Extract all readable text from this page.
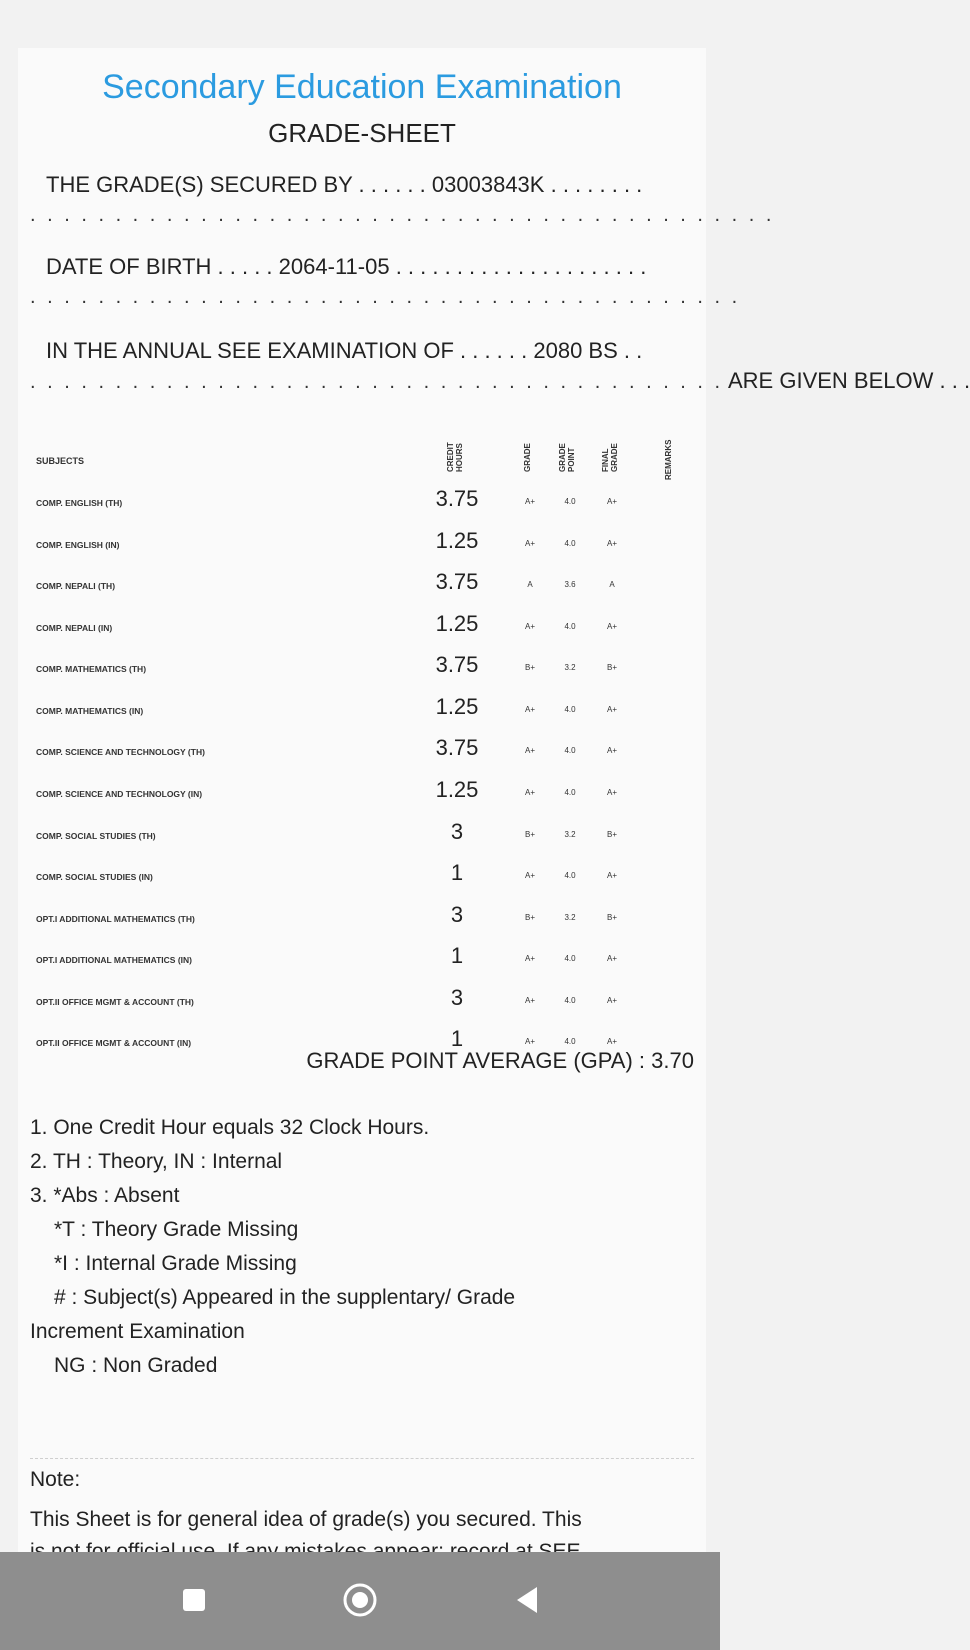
Secondary Education Examination
GRADE-SHEET
THE GRADE(S) SECURED BY . . . . . . 03003843K . . . . . . . .
. . . . . . . . . . . . . . . . . . . . . . . . . . . . . . . . . . . . . . . . . . . .
DATE OF BIRTH . . . . . 2064-11-05 . . . . . . . . . . . . . . . . . . . . .
. . . . . . . . . . . . . . . . . . . . . . . . . . . . . . . . . . . . . . . . . .
IN THE ANNUAL SEE EXAMINATION OF . . . . . . 2080 BS . .
. . . . . . . . . . . . . . . . . . . . . . . . . . . . . . . . . . . . . . . . . ARE GIVEN BELOW . . .
SUBJECTS	CREDIT HOURS	GRADE	GRADE POINT	FINAL GRADE	REMARKS
COMP. ENGLISH (TH)	3.75	A+	4.0	A+
COMP. ENGLISH (IN)	1.25	A+	4.0	A+
COMP. NEPALI (TH)	3.75	A	3.6	A
COMP. NEPALI (IN)	1.25	A+	4.0	A+
COMP. MATHEMATICS (TH)	3.75	B+	3.2	B+
COMP. MATHEMATICS (IN)	1.25	A+	4.0	A+
COMP. SCIENCE AND TECHNOLOGY (TH)	3.75	A+	4.0	A+
COMP. SCIENCE AND TECHNOLOGY (IN)	1.25	A+	4.0	A+
COMP. SOCIAL STUDIES (TH)	3	B+	3.2	B+
COMP. SOCIAL STUDIES (IN)	1	A+	4.0	A+
OPT.I ADDITIONAL MATHEMATICS (TH)	3	B+	3.2	B+
OPT.I ADDITIONAL MATHEMATICS (IN)	1	A+	4.0	A+
OPT.II OFFICE MGMT & ACCOUNT (TH)	3	A+	4.0	A+
OPT.II OFFICE MGMT & ACCOUNT (IN)	1	A+	4.0	A+
GRADE POINT AVERAGE (GPA) : 3.70
1. One Credit Hour equals 32 Clock Hours.
2. TH : Theory, IN : Internal
3. *Abs : Absent
*T : Theory Grade Missing
*I : Internal Grade Missing
# : Subject(s) Appeared in the supplentary/ Grade
Increment Examination
NG : Non Graded
Note:
This Sheet is for general idea of grade(s) you secured. This
